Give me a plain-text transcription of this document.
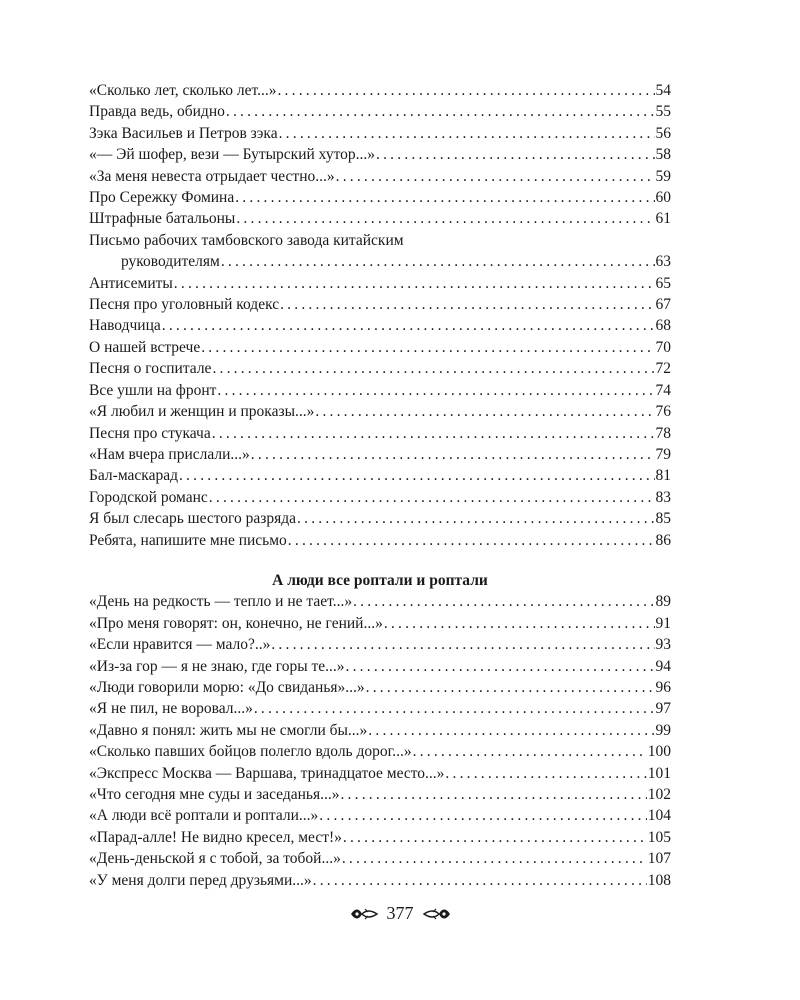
«Сколько лет, сколько лет...» .....	54
Правда ведь, обидно .....	55
Зэка Васильев и Петров зэка .....	56
«— Эй шофер, вези — Бутырский хутор...» .....	58
«За меня невеста отрыдает честно...» .....	59
Про Сережку Фомина .....	60
Штрафные батальоны .....	61
Письмо рабочих тамбовского завода китайским
руководителям .....	63
Антисемиты .....	65
Песня про уголовный кодекс .....	67
Наводчица .....	68
О нашей встрече .....	70
Песня о госпитале .....	72
Все ушли на фронт .....	74
«Я любил и женщин и проказы...» .....	76
Песня про стукача .....	78
«Нам вчера прислали...» .....	79
Бал-маскарад .....	81
Городской романс .....	83
Я был слесарь шестого разряда .....	85
Ребята, напишите мне письмо .....	86
А люди все роптали и роптали
«День на редкость — тепло и не тает...» .....	89
«Про меня говорят: он, конечно, не гений...» .....	91
«Если нравится — мало?..» .....	93
«Из-за гор — я не знаю, где горы те...» .....	94
«Люди говорили морю: «До свиданья»...» .....	96
«Я не пил, не воровал...» .....	97
«Давно я понял: жить мы не смогли бы...» .....	99
«Сколько павших бойцов полегло вдоль дорог...» .....	100
«Экспресс Москва — Варшава, тринадцатое место...» .....	101
«Что сегодня мне суды и заседанья...» .....	102
«А люди всё роптали и роптали...» .....	104
«Парад-алле! Не видно кресел, мест!» .....	105
«День-деньской я с тобой, за тобой...» .....	107
«У меня долги перед друзьями...» .....	108
377
